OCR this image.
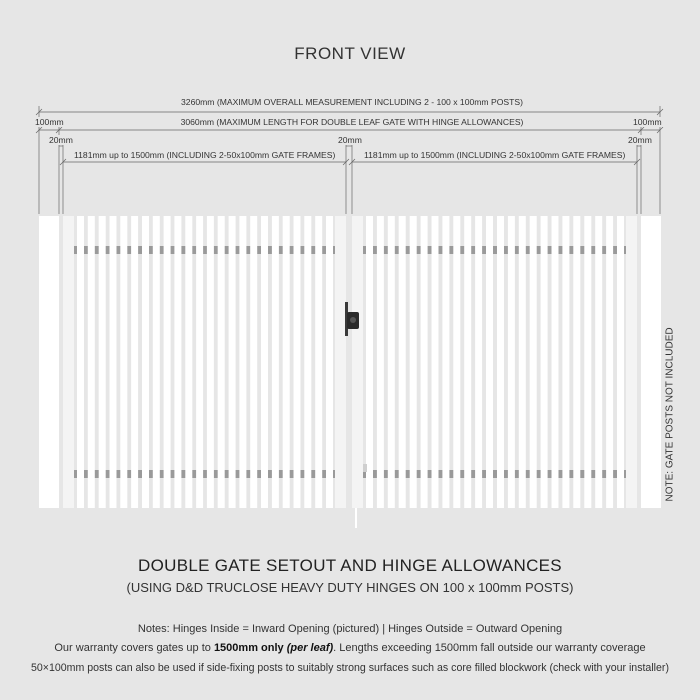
FRONT VIEW
3260mm (MAXIMUM OVERALL MEASUREMENT INCLUDING 2 - 100 x 100mm POSTS)
3060mm (MAXIMUM LENGTH FOR DOUBLE LEAF GATE WITH HINGE ALLOWANCES)
100mm	100mm
20mm	20mm	20mm
1181mm up to 1500mm (INCLUDING 2-50x100mm GATE FRAMES)	1181mm up to 1500mm (INCLUDING 2-50x100mm GATE FRAMES)
NOTE: GATE POSTS NOT INCLUDED
DOUBLE GATE SETOUT AND HINGE ALLOWANCES
(USING D&D TRUCLOSE HEAVY DUTY HINGES ON 100 x 100mm POSTS)
Notes: Hinges Inside = Inward Opening (pictured) | Hinges Outside = Outward Opening
Our warranty covers gates up to 1500mm only (per leaf). Lengths exceeding 1500mm fall outside our warranty coverage
50×100mm posts can also be used if side-fixing posts to suitably strong surfaces such as core filled blockwork (check with your installer)
